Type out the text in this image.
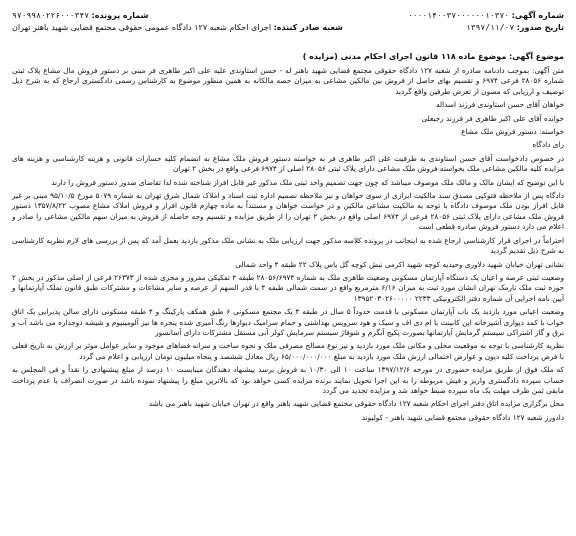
شماره آگهی: ۰۰۰۰۱۴۰۰۳۷۰۰۰۰۰۰۱۰۳۷۰
شماره پرونده: ۹۷۰۹۹۸۰۲۲۶۰۰۰۳۴۷
تاریخ صدور: ۱۳۹۷/۱۱/۰۷
شعبه صادر کننده: اجرای احکام شعبه ۱۲۷ دادگاه عمومی حقوقی مجتمع قضایی شهید باهنر تهران
موضوع آگهی: موضوع ماده ۱۱۸ قانون اجرای احکام مدنی (مزایده )

متن آگهی: بموجب دادنامه صادره از شعبه ۱۲۷ دادگاه حقوقی مجتمع قضایی شهید باهنر له - حسن استاوندی علیه علی اکبر طاهری فر مبنی بر دستور فروش مال مشاع پلاک ثبتی شماره ۲۸۰۵۶ فرعی ۶۹۷۴ و تقسیم بهای حاصل از فروش بین مالکین مشاعی به میزان حصه مالکانه به همین منظور موضوع به کارشناس رسمی دادگستری ارجاع که به شرح ذیل توصیف و ارزیابی که مصون از تعرض طرفین واقع گردید

خواهان آقای حسن استاوندی فرزند اسداله

خوانده آقای علی اکبر طاهری فر فرزند رجبعلی

خواسته: دستور فروش ملک مشاع

رای دادگاه

در خصوص دادخواست آقای حسن استاوندی به طرفیت علی اکبر طاهری فر به خواسته دستور فروش ملک مشاع به انضمام کلیه خسارات قانونی و هزینه کارشناسی و هزینه های مزایده کلیه مالکین مشاعی ملک بخواسته فروش ملک مشاعی دارای پلاک ثبتی ۲۸۰۵۶ اصلی از ۶۹۷۴ فرعی واقع در بخش ۲ تهران

با این توضیح که ایشان مالک و مالک ملک موصوف میباشد که چون جهت تصمیم واحد ثبتی ملک مذکور غیر قابل افراز شناخته شده لذا تقاضای صدور دستور فروش را دارند

دادگاه پس از ملاحظه فتوکپی مصدق سند مالکیت ابرازی از سوی خواهان و نیز ملاحظه تصمیم اداره ثبت اسناد و املاک شمال شرق تهران به شماره ۵۰۷۹ مورخ ۹۵/۱۰/۵ مبنی بر غیر قابل افراز بودن ملک موصوف دادگاه با توجه به مالکیت مشاعی مالکین و در خواست خواهان و مستنداً به ماده چهارم قانون افراز و فروش املاک مشاع مصوب ۱۳۵۷/۸/۲۲ دستور فروش ملک مشاعی دارای پلاک ثبتی ۲۸۰۵۶ فرعی از ۶۹۷۴ اصلی واقع در بخش ۲ تهران را از طریق مزایده و تقسیم وجه حاصله از فروش به میزان سهم مالکین مشاعی را صادر و اعلام می دارد دستور فروش صادره قطعی است

احتراماً در اجرای قرار کارشناسی ارجاع شده به اینجانب در پرونده کلاسه مذکور جهت ارزیابی ملک به نشانی ملک مذکور بازدید بعمل آمد که پس از بررسی های لازم نظریه کارشناسی به شرح ذیل تقدیم گردید

نشانی تهران خیابان شهید دلاوری وحیدیه کوچه شهید اکرمی نبش کوچه گل یاس پلاک ۲۲ طبقه ۴ واحد شمالی

وضعیت ثبتی عرصه و اعیان یک دستگاه آپارتمان مسکونی وضعیت ظاهری ملک به شماره ۲۸۰۵۶/۶۹۷۴ طبقه ۴ تفکیکی مفروز و مجزی شده از ۲۶۳۷۳ فرعی از اصلی مذکور در بخش ۲ حوزه ثبت ملک نارمک تهران انشان مورد ثبت به میزان ۶/۱۶ مترمربع واقع در سمت شمالی طبقه ۴ با قدر السهم از عرصه و سایر مشاعات و مشترکات طبق قانون تملک آپارتمانها و آیین نامه اجرایی آن شماره دفتر الکترونیکی ۲۲۳۳ ۱۳۹۵۲۰۳۰۲۶۰۰۰۰۰

وضعیت اعیانی مورد بازدید یک باب آپارتمان مسکونی با قدمت حدوداً ۵ سال در طبقه ۴ یک مجتمع مسکونی ۶ طبق همکف پارکینگ و ۴ طبقه مسکونی دارای سالن پذیرایی یک اتاق خواب با کمد دیواری آشپزخانه اپن کابینت با ام دی اف و سیک و هود سرویس بهداشتی و حمام سرامیک دیوارها رنگ آمیزی شده پنجره ها نیز آلومینیوم و شیشه دوجداره می باشد آب و برق و گاز اشتراکی سیستم گرمایش آپارتمانها بصورت پکیج آبگرم و شوفاژ سیستم سرمایش کولر آبی مستقل مشترکات دارای آسانسور

نظریه کارشناسی با توجه به موقعیت محلی و مکانی ملک مورد بازدید و نیز نوع مصالح مصرفی ملک و نحوه ساخت و سرانه فضاهای موجود و سایر عوامل موثر بر ارزش به تاریخ فعلی با فرض پرداخت کلیه دیون و عوارض احتمالی ارزش ملک مورد بازدید به مبلغ ۶۵/۰۰۰/۰۰۰/۰۰۰ ریال معادل ششصد و پنجاه میلیون تومان ارزیابی و اعلام می گردد

که ملک فوق از طریق مزایده حضوری در مورخه ۱۳۹۷/۱۲/۶ ساعت ۱۰ الی ۱۰/۳۰ به فروش برسد پیشنهاد دهندگان میبایست ۱۰ درصد از مبلغ پیشنهادی را نقداً و فی المجلس به حساب سپرده دادگستری واریز و فیش مربوطه را به این اجرا تحویل نمایند برنده مزایده کسی خواهد بود که بالاترین مبلغ را پیشنهاد نموده باشد در صورت انصراف یا عدم پرداخت مابقی ثمن ظرف مهلت یک ماه سپرده ضبط خواهد شد و مزایده تجدید می گردد

محل برگزاری مزایده اتاق دفتر اجرای احکام شعبه ۱۲۷ دادگاه حقوقی مجتمع قضایی شهید باهنر واقع در تهران خیابان شهید باهنر می باشد

دادورز شعبه ۱۲۷ دادگاه حقوقی مجتمع قضایی شهید باهنر - کولیوند
